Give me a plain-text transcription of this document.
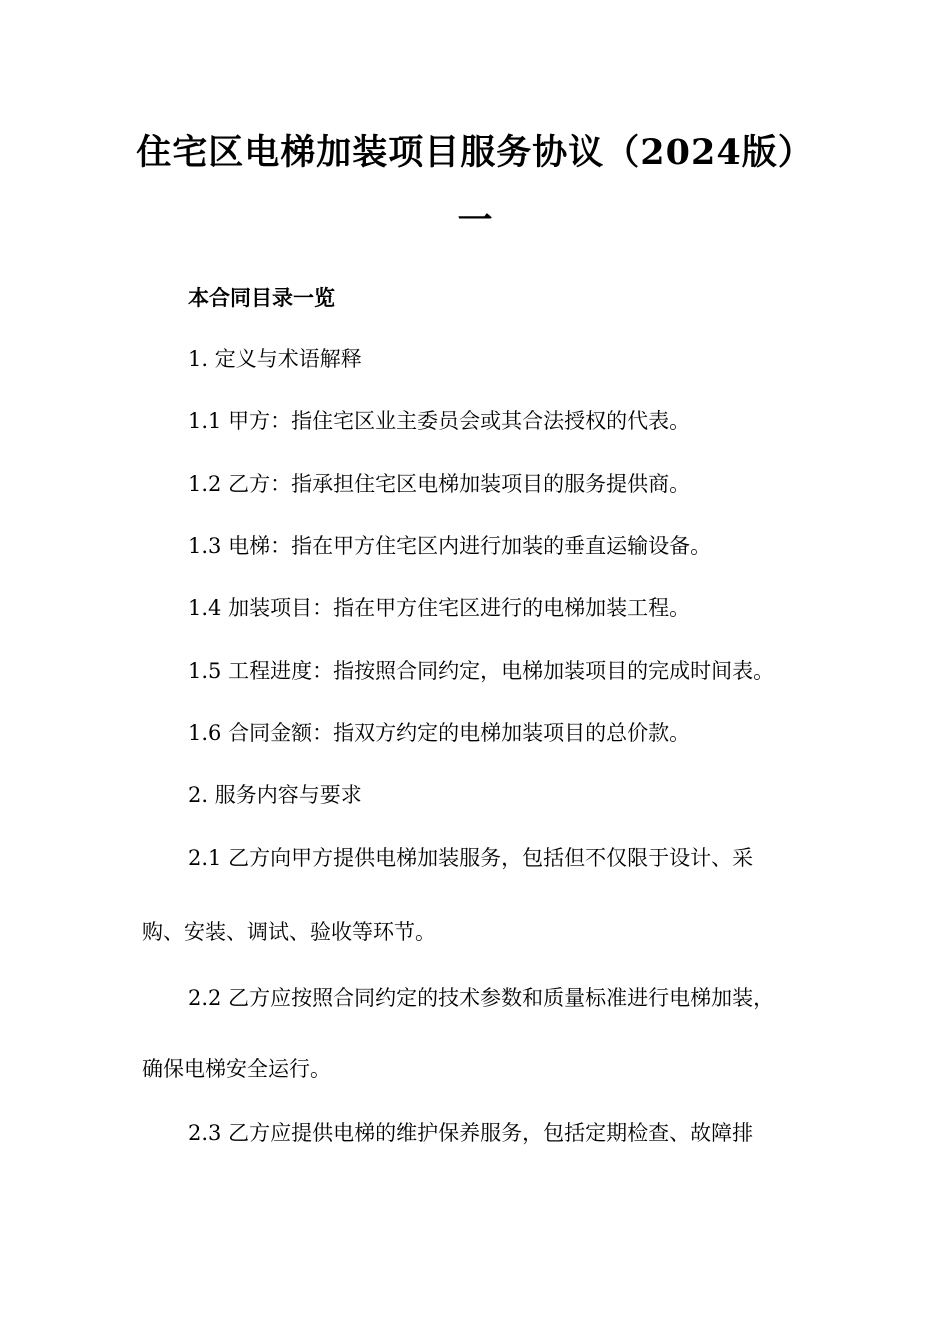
住宅区电梯加装项目服务协议（2024版）
一
本合同目录一览
1. 定义与术语解释
1.1 甲方：指住宅区业主委员会或其合法授权的代表。
1.2 乙方：指承担住宅区电梯加装项目的服务提供商。
1.3 电梯：指在甲方住宅区内进行加装的垂直运输设备。
1.4 加装项目：指在甲方住宅区进行的电梯加装工程。
1.5 工程进度：指按照合同约定，电梯加装项目的完成时间表。
1.6 合同金额：指双方约定的电梯加装项目的总价款。
2. 服务内容与要求
2.1 乙方向甲方提供电梯加装服务，包括但不仅限于设计、采
购、安装、调试、验收等环节。
2.2 乙方应按照合同约定的技术参数和质量标准进行电梯加装，
确保电梯安全运行。
2.3 乙方应提供电梯的维护保养服务，包括定期检查、故障排
